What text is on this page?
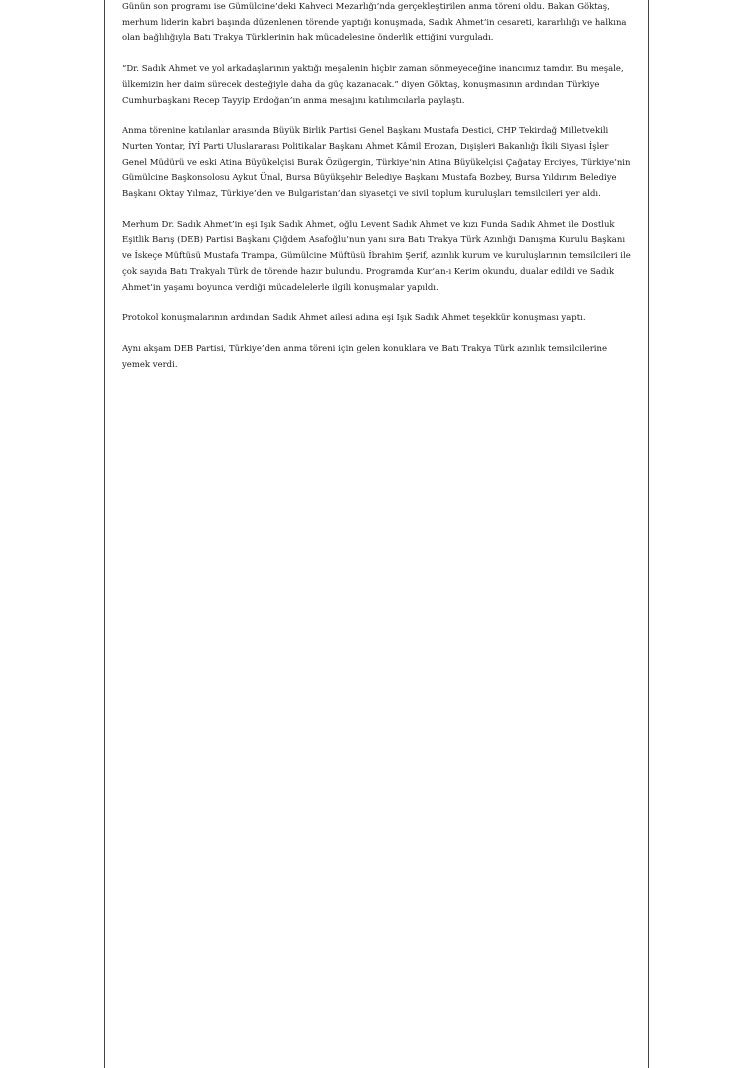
Günün son programı ise Gümülcine’deki Kahveci Mezarlığı’nda gerçekleştirilen anma töreni oldu. Bakan Göktaş, merhum liderin kabri başında düzenlenen törende yaptığı konuşmada, Sadık Ahmet’in cesareti, kararlılığı ve halkına olan bağlılığıyla Batı Trakya Türklerinin hak mücadelesine önderlik ettiğini vurguladı.

“Dr. Sadık Ahmet ve yol arkadaşlarının yaktığı meşalenin hiçbir zaman sönmeyeceğine inancımız tamdır. Bu meşale, ülkemizin her daim sürecek desteğiyle daha da güç kazanacak.” diyen Göktaş, konuşmasının ardından Türkiye Cumhurbaşkanı Recep Tayyip Erdoğan’ın anma mesajını katılımcılarla paylaştı.

Anma törenine katılanlar arasında Büyük Birlik Partisi Genel Başkanı Mustafa Destici, CHP Tekirdağ Milletvekili Nurten Yontar, İYİ Parti Uluslararası Politikalar Başkanı Ahmet Kâmil Erozan, Dışişleri Bakanlığı İkili Siyasi İşler Genel Müdürü ve eski Atina Büyükelçisi Burak Özügergin, Türkiye’nin Atina Büyükelçisi Çağatay Erciyes, Türkiye’nin Gümülcine Başkonsolosu Aykut Ünal, Bursa Büyükşehir Belediye Başkanı Mustafa Bozbey, Bursa Yıldırım Belediye Başkanı Oktay Yılmaz, Türkiye’den ve Bulgaristan’dan siyasetçi ve sivil toplum kuruluşları temsilcileri yer aldı.

Merhum Dr. Sadık Ahmet’in eşi Işık Sadık Ahmet, oğlu Levent Sadık Ahmet ve kızı Funda Sadık Ahmet ile Dostluk Eşitlik Barış (DEB) Partisi Başkanı Çiğdem Asafoğlu’nun yanı sıra Batı Trakya Türk Azınlığı Danışma Kurulu Başkanı ve İskeçe Müftüsü Mustafa Trampa, Gümülcine Müftüsü İbrahim Şerif, azınlık kurum ve kuruluşlarının temsilcileri ile çok sayıda Batı Trakyalı Türk de törende hazır bulundu. Programda Kur’an-ı Kerim okundu, dualar edildi ve Sadık Ahmet’in yaşamı boyunca verdiği mücadelelerle ilgili konuşmalar yapıldı.

Protokol konuşmalarının ardından Sadık Ahmet ailesi adına eşi Işık Sadık Ahmet teşekkür konuşması yaptı.

Aynı akşam DEB Partisi, Türkiye’den anma töreni için gelen konuklara ve Batı Trakya Türk azınlık temsilcilerine yemek verdi.
